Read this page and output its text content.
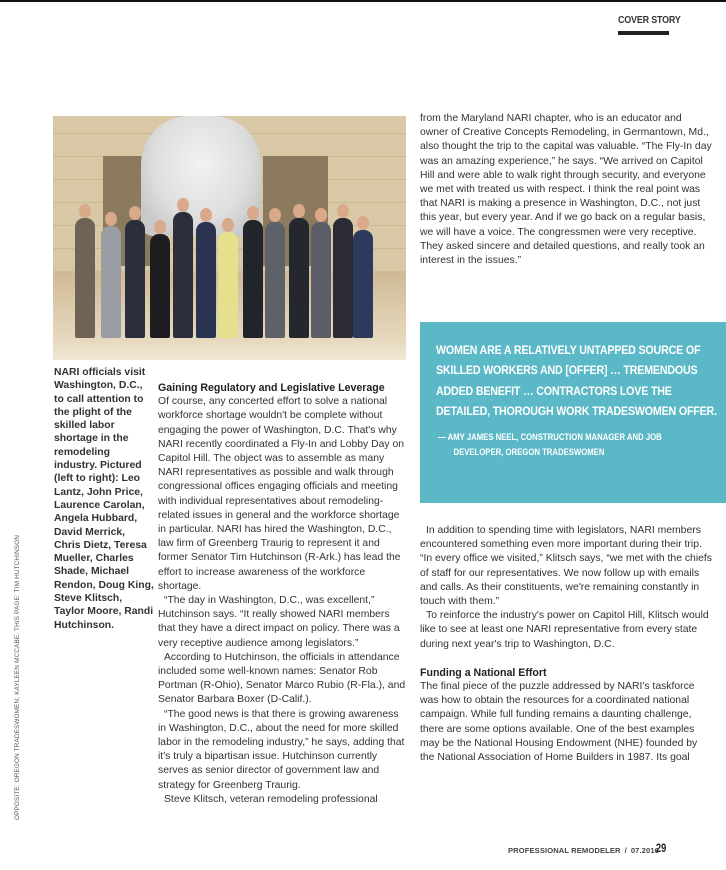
COVER STORY

NARI officials visit Washington, D.C., to call attention to the plight of the skilled labor shortage in the remodeling industry. Pictured (left to right): Leo Lantz, John Price, Laurence Carolan, Angela Hubbard, David Merrick, Chris Dietz, Teresa Mueller, Charles Shade, Michael Rendon, Doug King, Steve Klitsch, Taylor Moore, Randi Hutchinson.

OPPOSITE: OREGON TRADESWOMEN; KAYLEEN MCCABE. THIS PAGE: TIM HUTCHINSON
Gaining Regulatory and Legislative Leverage

Of course, any concerted effort to solve a national workforce shortage wouldn't be complete without engaging the power of Washington, D.C. That's why NARI recently coordinated a Fly-In and Lobby Day on Capitol Hill. The object was to assemble as many NARI representatives as possible and walk through congressional offices engaging officials and meeting with individual representatives about remodeling-related issues in general and the workforce shortage in particular. NARI has hired the Washington, D.C., law firm of Greenberg Traurig to represent it and former Senator Tim Hutchinson (R-Ark.) has lead the effort to increase awareness of the workforce shortage.

“The day in Washington, D.C., was excellent,” Hutchinson says. “It really showed NARI members that they have a direct impact on policy. There was a very receptive audience among legislators.”

According to Hutchinson, the officials in attendance included some well-known names: Senator Rob Portman (R-Ohio), Senator Marco Rubio (R-Fla.), and Senator Barbara Boxer (D-Calif.).

“The good news is that there is growing awareness in Washington, D.C., about the need for more skilled labor in the remodeling industry,” he says, adding that it's truly a bipartisan issue. Hutchinson currently serves as senior director of government law and strategy for Greenberg Traurig.

Steve Klitsch, veteran remodeling professional

from the Maryland NARI chapter, who is an educator and owner of Creative Concepts Remodeling, in Germantown, Md., also thought the trip to the capital was valuable. “The Fly-In day was an amazing experience,” he says. “We arrived on Capitol Hill and were able to walk right through security, and everyone we met with treated us with respect. I think the real point was that NARI is making a presence in Washington, D.C., not just this year, but every year. And if we go back on a regular basis, we will have a voice. The congressmen were very receptive. They asked sincere and detailed questions, and really took an interest in the issues.”

WOMEN ARE A RELATIVELY UNTAPPED SOURCE OF SKILLED WORKERS AND [OFFER] … TREMENDOUS ADDED BENEFIT … CONTRACTORS LOVE THE DETAILED, THOROUGH WORK TRADESWOMEN OFFER.
— AMY JAMES NEEL, CONSTRUCTION MANAGER AND JOB DEVELOPER, OREGON TRADESWOMEN

In addition to spending time with legislators, NARI members encountered something even more important during their trip. “In every office we visited,” Klitsch says, “we met with the chiefs of staff for our representatives. We now follow up with emails and calls. As their constituents, we're remaining constantly in touch with them.”

To reinforce the industry's power on Capitol Hill, Klitsch would like to see at least one NARI representative from every state during next year's trip to Washington, D.C.

Funding a National Effort

The final piece of the puzzle addressed by NARI's taskforce was how to obtain the resources for a coordinated national campaign. While full funding remains a daunting challenge, there are some options available. One of the best examples may be the National Housing Endowment (NHE) founded by the National Association of Home Builders in 1987. Its goal

PROFESSIONAL REMODELER / 07.2016
29
